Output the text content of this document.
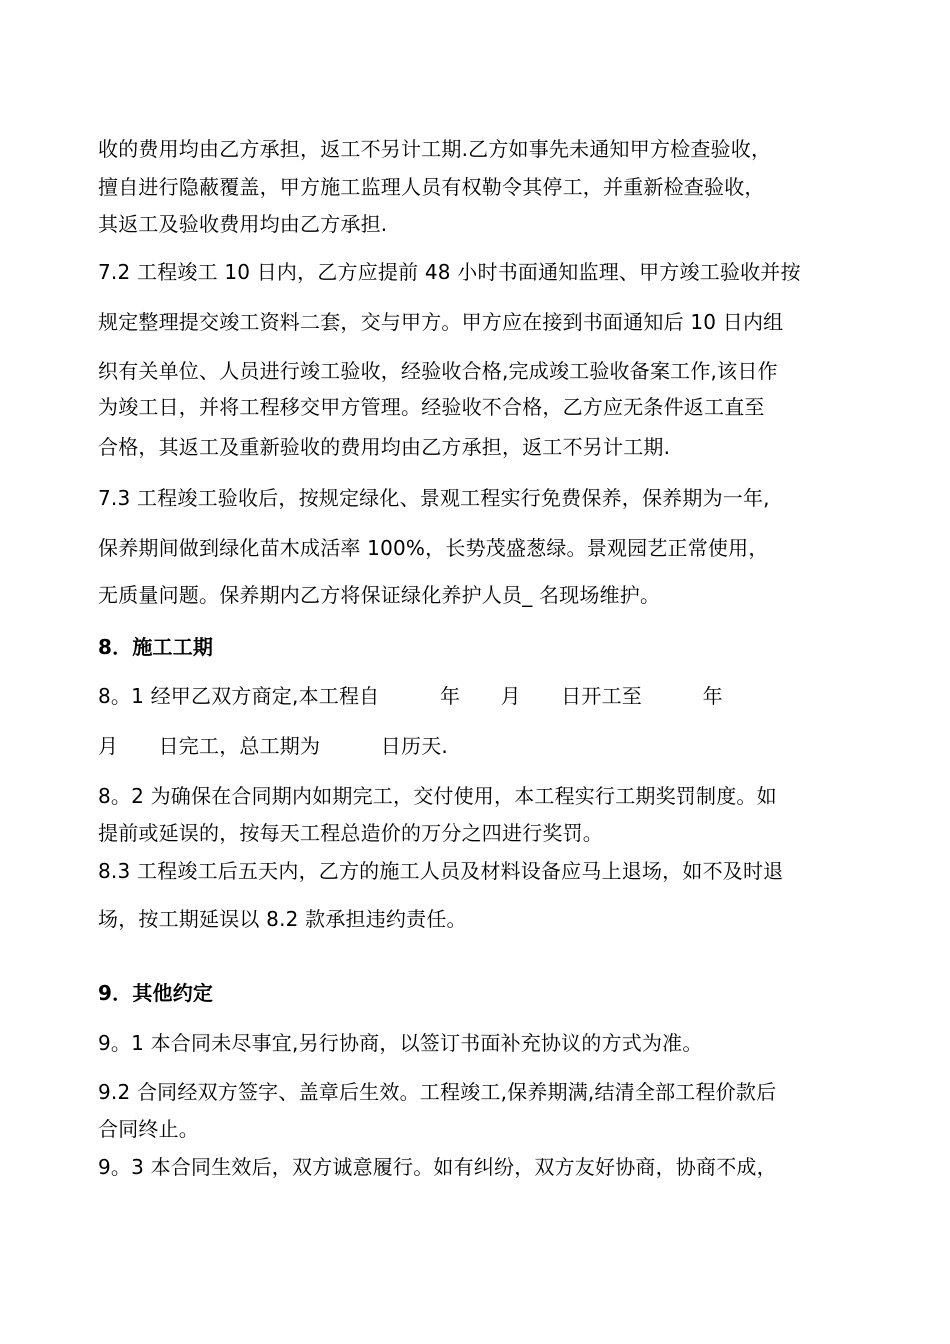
收的费用均由乙方承担，返工不另计工期.乙方如事先未通知甲方检查验收，
擅自进行隐蔽覆盖，甲方施工监理人员有权勒令其停工，并重新检查验收，
其返工及验收费用均由乙方承担.
7.2 工程竣工 10 日内，乙方应提前 48 小时书面通知监理、甲方竣工验收并按
规定整理提交竣工资料二套，交与甲方。甲方应在接到书面通知后 10 日内组
织有关单位、人员进行竣工验收，经验收合格,完成竣工验收备案工作,该日作
为竣工日，并将工程移交甲方管理。经验收不合格，乙方应无条件返工直至
合格，其返工及重新验收的费用均由乙方承担，返工不另计工期.
7.3 工程竣工验收后，按规定绿化、景观工程实行免费保养，保养期为一年,
保养期间做到绿化苗木成活率 100%，长势茂盛葱绿。景观园艺正常使用，
无质量问题。保养期内乙方将保证绿化养护人员_ 名现场维护。
8．施工工期
8。1 经甲乙双方商定,本工程自　　　年　　月　　日开工至　　　年
月　　日完工，总工期为　　　日历天.
8。2 为确保在合同期内如期完工，交付使用，本工程实行工期奖罚制度。如
提前或延误的，按每天工程总造价的万分之四进行奖罚。
8.3 工程竣工后五天内，乙方的施工人员及材料设备应马上退场，如不及时退
场，按工期延误以 8.2 款承担违约责任。
9．其他约定
9。1 本合同未尽事宜,另行协商，以签订书面补充协议的方式为准。
9.2 合同经双方签字、盖章后生效。工程竣工,保养期满,结清全部工程价款后
合同终止。
9。3 本合同生效后，双方诚意履行。如有纠纷，双方友好协商，协商不成，
